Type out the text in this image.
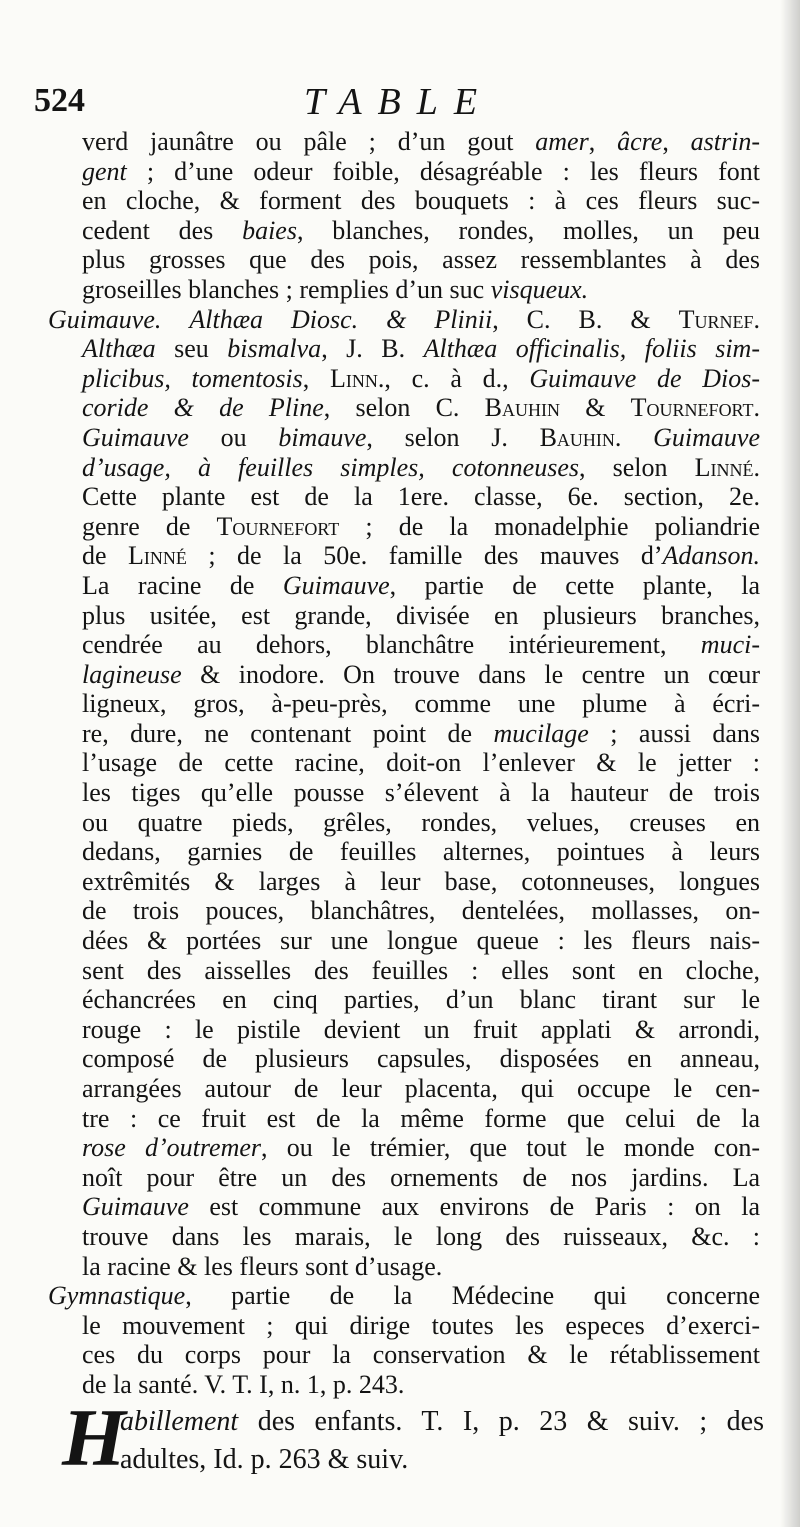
524	TABLE
verd jaunâtre ou pâle ; d’un gout amer, âcre, astrin-
gent ; d’une odeur foible, désagréable : les fleurs font
en cloche, & forment des bouquets : à ces fleurs suc-
cedent des baies, blanches, rondes, molles, un peu
plus grosses que des pois, assez ressemblantes à des
groseilles blanches ; remplies d’un suc visqueux.
Guimauve. Althæa Diosc. & Plinii, C. B. & Turnef.
Althæa seu bismalva, J. B. Althæa officinalis, foliis sim-
plicibus, tomentosis, Linn., c. à d., Guimauve de Dios-
coride & de Pline, selon C. Bauhin & Tournefort.
Guimauve ou bimauve, selon J. Bauhin. Guimauve
d’usage, à feuilles simples, cotonneuses, selon Linné.
Cette plante est de la 1ere. classe, 6e. section, 2e.
genre de Tournefort ; de la monadelphie poliandrie
de Linné ; de la 50e. famille des mauves d’Adanson.
La racine de Guimauve, partie de cette plante, la
plus usitée, est grande, divisée en plusieurs branches,
cendrée au dehors, blanchâtre intérieurement, muci-
lagineuse & inodore. On trouve dans le centre un cœur
ligneux, gros, à-peu-près, comme une plume à écri-
re, dure, ne contenant point de mucilage ; aussi dans
l’usage de cette racine, doit-on l’enlever & le jetter :
les tiges qu’elle pousse s’élevent à la hauteur de trois
ou quatre pieds, grêles, rondes, velues, creuses en
dedans, garnies de feuilles alternes, pointues à leurs
extrêmités & larges à leur base, cotonneuses, longues
de trois pouces, blanchâtres, dentelées, mollasses, on-
dées & portées sur une longue queue : les fleurs nais-
sent des aisselles des feuilles : elles sont en cloche,
échancrées en cinq parties, d’un blanc tirant sur le
rouge : le pistile devient un fruit applati & arrondi,
composé de plusieurs capsules, disposées en anneau,
arrangées autour de leur placenta, qui occupe le cen-
tre : ce fruit est de la même forme que celui de la
rose d’outremer, ou le trémier, que tout le monde con-
noît pour être un des ornements de nos jardins. La
Guimauve est commune aux environs de Paris : on la
trouve dans les marais, le long des ruisseaux, &c. :
la racine & les fleurs sont d’usage.
Gymnastique, partie de la Médecine qui concerne
le mouvement ; qui dirige toutes les especes d’exerci-
ces du corps pour la conservation & le rétablissement
de la santé. V. T. I, n. 1, p. 243.
H
abillement des enfants. T. I, p. 23 & suiv. ; des
adultes, Id. p. 263 & suiv.
